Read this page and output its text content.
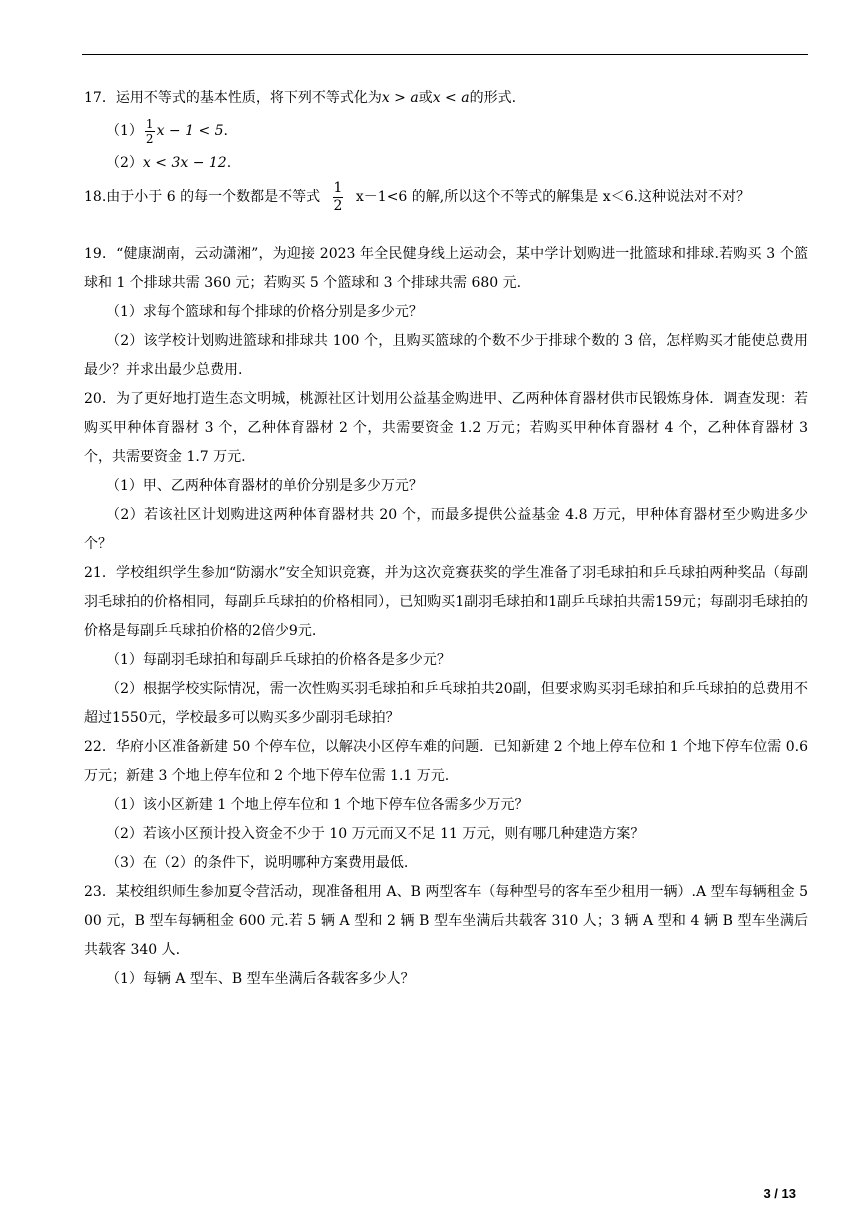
17．运用不等式的基本性质，将下列不等式化为x > a或x < a的形式.

$(1) \frac{1}{2}$ x − 1 < 5.

（2）x < 3x − 12.

18.由于小于 6 的每一个数都是不等式 $\frac{1}{2} x-1<6$ 的解,所以这个不等式的解集是 x＜6.这种说法对不对？

19．“健康湖南，云动潇湘”，为迎接 2023 年全民健身线上运动会，某中学计划购进一批篮球和排球.若购买 3 个篮球和 1 个排球共需 360 元；若购买 5 个篮球和 3 个排球共需 680 元.

（1）求每个篮球和每个排球的价格分别是多少元？

（2）该学校计划购进篮球和排球共 100 个，且购买篮球的个数不少于排球个数的 3 倍，怎样购买才能使总费用最少？并求出最少总费用.

20．为了更好地打造生态文明城，桃源社区计划用公益基金购进甲、乙两种体育器材供市民锻炼身体．调查发现：若购买甲种体育器材 3 个，乙种体育器材 2 个，共需要资金 1.2 万元；若购买甲种体育器材 4 个，乙种体育器材 3 个，共需要资金 1.7 万元.

（1）甲、乙两种体育器材的单价分别是多少万元？

（2）若该社区计划购进这两种体育器材共 20 个，而最多提供公益基金 4.8 万元，甲种体育器材至少购进多少个？

21．学校组织学生参加“防溺水”安全知识竞赛，并为这次竞赛获奖的学生准备了羽毛球拍和乒乓球拍两种奖品（每副羽毛球拍的价格相同，每副乒乓球拍的价格相同），已知购买1副羽毛球拍和1副乒乓球拍共需159元；每副羽毛球拍的价格是每副乒乓球拍价格的2倍少9元.

（1）每副羽毛球拍和每副乒乓球拍的价格各是多少元？

（2）根据学校实际情况，需一次性购买羽毛球拍和乒乓球拍共20副，但要求购买羽毛球拍和乒乓球拍的总费用不超过1550元，学校最多可以购买多少副羽毛球拍？

22．华府小区准备新建 50 个停车位，以解决小区停车难的问题．已知新建 2 个地上停车位和 1 个地下停车位需 0.6 万元；新建 3 个地上停车位和 2 个地下停车位需 1.1 万元.

（1）该小区新建 1 个地上停车位和 1 个地下停车位各需多少万元？

（2）若该小区预计投入资金不少于 10 万元而又不足 11 万元，则有哪几种建造方案？

（3）在（2）的条件下，说明哪种方案费用最低.

23．某校组织师生参加夏令营活动，现准备租用 A、B 两型客车（每种型号的客车至少租用一辆）.A 型车每辆租金 500 元，B 型车每辆租金 600 元.若 5 辆 A 型和 2 辆 B 型车坐满后共载客 310 人；3 辆 A 型和 4 辆 B 型车坐满后共载客 340 人.

（1）每辆 A 型车、B 型车坐满后各载客多少人？

3 / 13
